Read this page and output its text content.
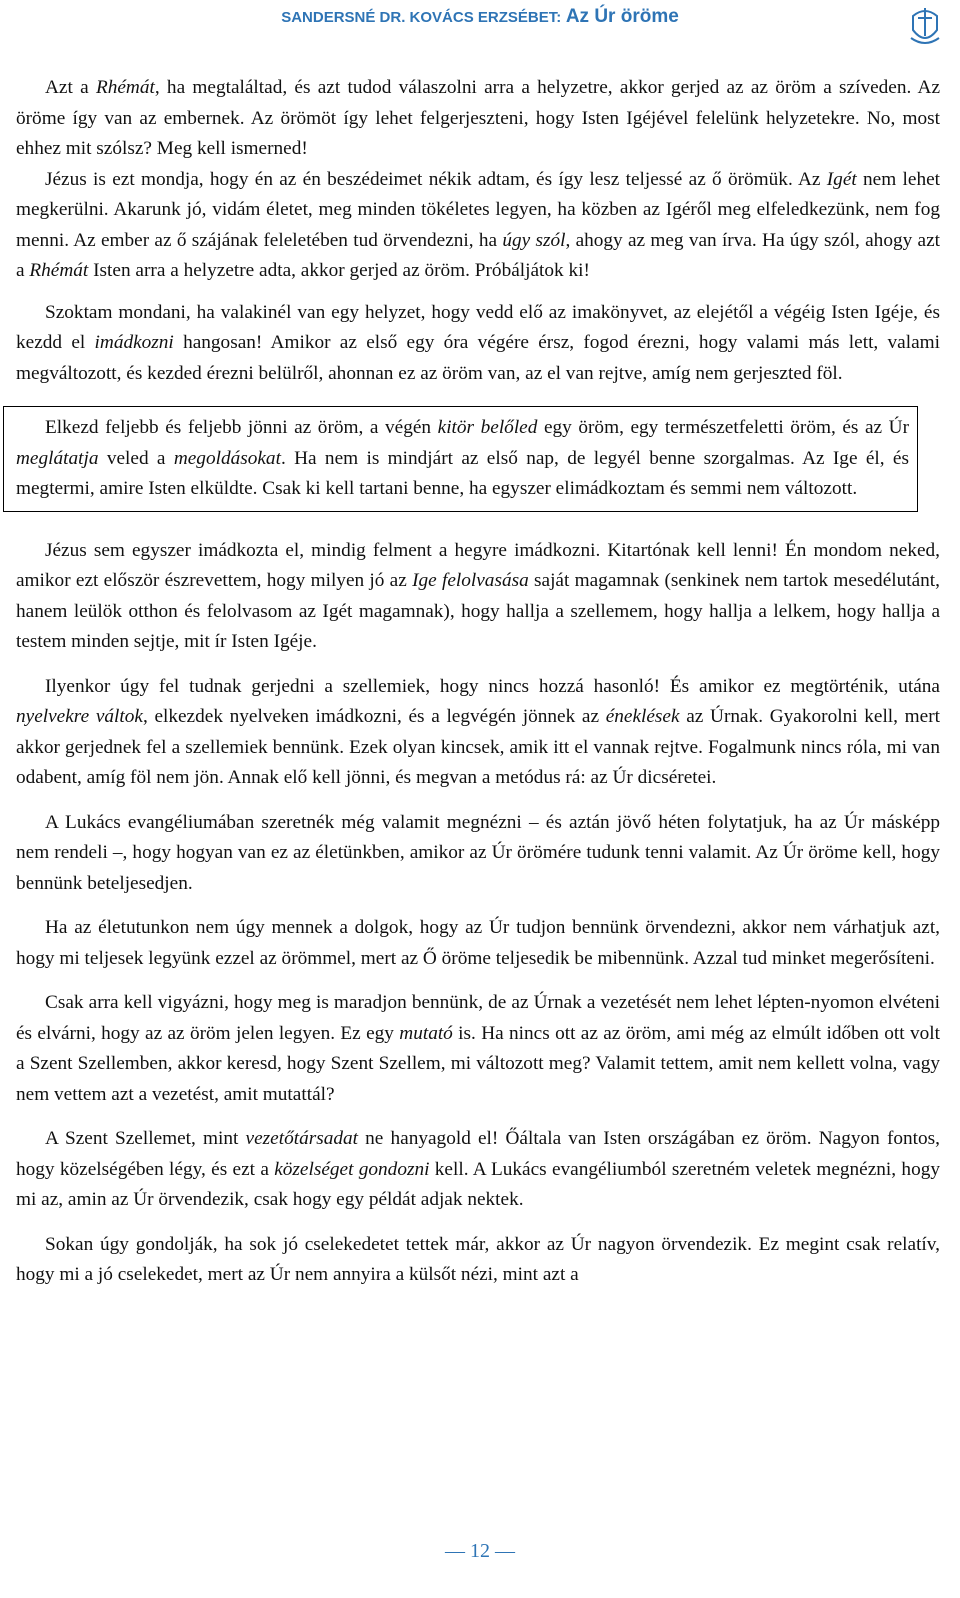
SANDERSNÉ DR. KOVÁCS ERZSÉBET: Az Úr öröme

Azt a Rhémát, ha megtaláltad, és azt tudod válaszolni arra a helyzetre, akkor gerjed az az öröm a szíveden. Az öröme így van az embernek. Az örömöt így lehet felgerjeszteni, hogy Isten Igéjével felelünk helyzetekre. No, most ehhez mit szólsz? Meg kell ismerned!

Jézus is ezt mondja, hogy én az én beszédeimet nékik adtam, és így lesz teljessé az ő örömük. Az Igét nem lehet megkerülni. Akarunk jó, vidám életet, meg minden tökéletes legyen, ha közben az Igéről meg elfeledkezünk, nem fog menni. Az ember az ő szájának feleletében tud örvendezni, ha úgy szól, ahogy az meg van írva. Ha úgy szól, ahogy azt a Rhémát Isten arra a helyzetre adta, akkor gerjed az öröm. Próbáljátok ki!

Szoktam mondani, ha valakinél van egy helyzet, hogy vedd elő az imakönyvet, az elejétől a végéig Isten Igéje, és kezdd el imádkozni hangosan! Amikor az első egy óra végére érsz, fogod érezni, hogy valami más lett, valami megváltozott, és kezded érezni belülről, ahonnan ez az öröm van, az el van rejtve, amíg nem gerjeszted föl.

Elkezd feljebb és feljebb jönni az öröm, a végén kitör belőled egy öröm, egy természetfeletti öröm, és az Úr meglátatja veled a megoldásokat. Ha nem is mindjárt az első nap, de legyél benne szorgalmas. Az Ige él, és megtermi, amire Isten elküldte. Csak ki kell tartani benne, ha egyszer elimádkoztam és semmi nem változott.

Jézus sem egyszer imádkozta el, mindig felment a hegyre imádkozni. Kitartónak kell lenni! Én mondom neked, amikor ezt először észrevettem, hogy milyen jó az Ige felolvasása saját magamnak (senkinek nem tartok mesedélutánt, hanem leülök otthon és felolvasom az Igét magamnak), hogy hallja a szellemem, hogy hallja a lelkem, hogy hallja a testem minden sejtje, mit ír Isten Igéje.

Ilyenkor úgy fel tudnak gerjedni a szellemiek, hogy nincs hozzá hasonló! És amikor ez megtörténik, utána nyelvekre váltok, elkezdek nyelveken imádkozni, és a legvégén jönnek az éneklések az Úrnak. Gyakorolni kell, mert akkor gerjednek fel a szellemiek bennünk. Ezek olyan kincsek, amik itt el vannak rejtve. Fogalmunk nincs róla, mi van odabent, amíg föl nem jön. Annak elő kell jönni, és megvan a metódus rá: az Úr dicséretei.

A Lukács evangéliumában szeretnék még valamit megnézni – és aztán jövő héten folytatjuk, ha az Úr másképp nem rendeli –, hogy hogyan van ez az életünkben, amikor az Úr örömére tudunk tenni valamit. Az Úr öröme kell, hogy bennünk beteljesedjen.

Ha az életutunkon nem úgy mennek a dolgok, hogy az Úr tudjon bennünk örvendezni, akkor nem várhatjuk azt, hogy mi teljesek legyünk ezzel az örömmel, mert az Ő öröme teljesedik be mibennünk. Azzal tud minket megerősíteni.

Csak arra kell vigyázni, hogy meg is maradjon bennünk, de az Úrnak a vezetését nem lehet lépten-nyomon elvéteni és elvárni, hogy az az öröm jelen legyen. Ez egy mutató is. Ha nincs ott az az öröm, ami még az elmúlt időben ott volt a Szent Szellemben, akkor keresd, hogy Szent Szellem, mi változott meg? Valamit tettem, amit nem kellett volna, vagy nem vettem azt a vezetést, amit mutattál?

A Szent Szellemet, mint vezetőtársadat ne hanyagold el! Őáltala van Isten országában ez öröm. Nagyon fontos, hogy közelségében légy, és ezt a közelséget gondozni kell. A Lukács evangéliumból szeretném veletek megnézni, hogy mi az, amin az Úr örvendezik, csak hogy egy példát adjak nektek.

Sokan úgy gondolják, ha sok jó cselekedetet tettek már, akkor az Úr nagyon örvendezik. Ez megint csak relatív, hogy mi a jó cselekedet, mert az Úr nem annyira a külsőt nézi, mint azt a

— 12 —
